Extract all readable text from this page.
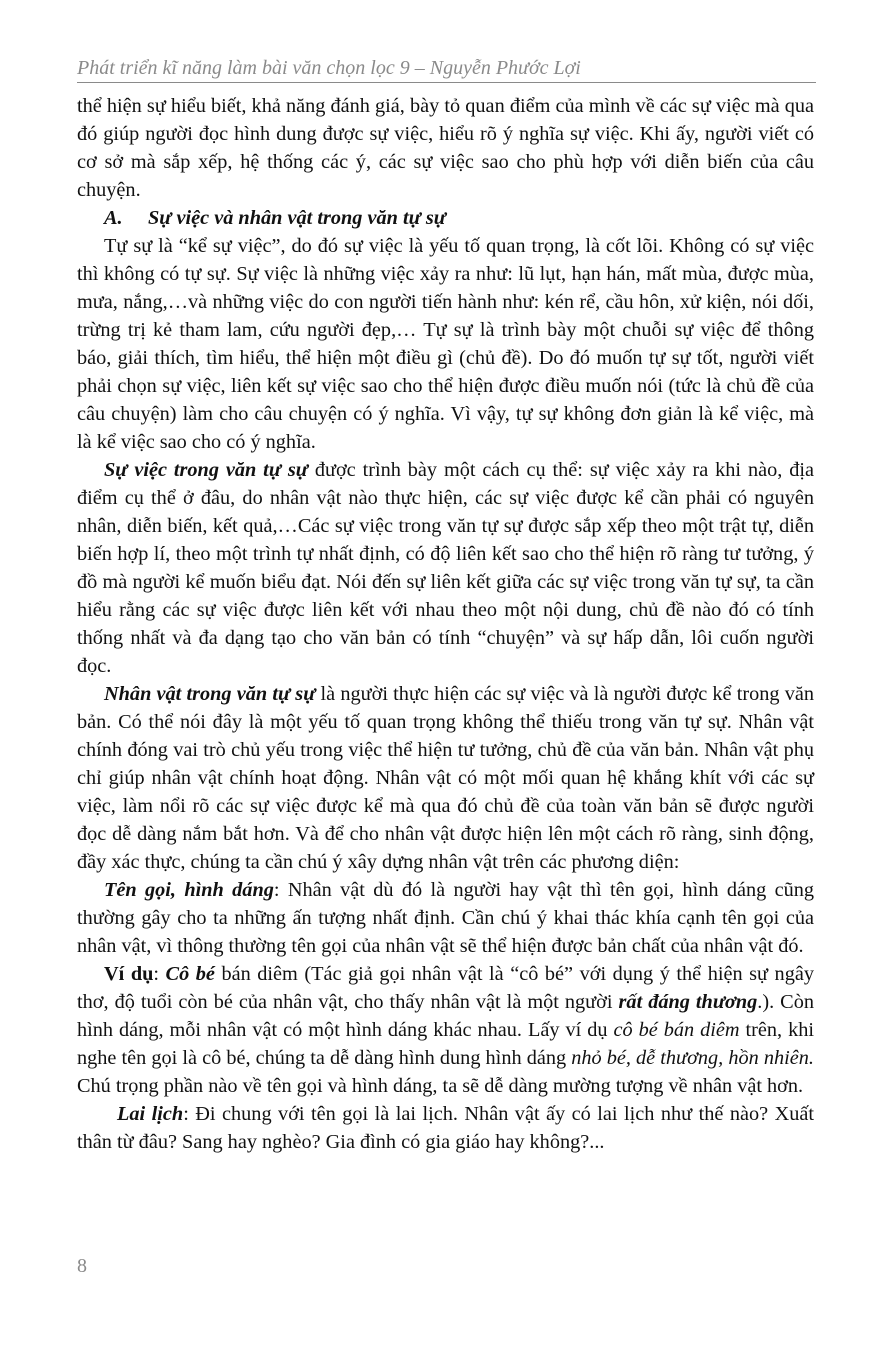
Phát triển kĩ năng làm bài văn chọn lọc 9 – Nguyễn Phước Lợi

thể hiện sự hiểu biết, khả năng đánh giá, bày tỏ quan điểm của mình về các sự việc mà qua đó giúp người đọc hình dung được sự việc, hiểu rõ ý nghĩa sự việc. Khi ấy, người viết có cơ sở mà sắp xếp, hệ thống các ý, các sự việc sao cho phù hợp với diễn biến của câu chuyện.

A. Sự việc và nhân vật trong văn tự sự

Tự sự là “kể sự việc”, do đó sự việc là yếu tố quan trọng, là cốt lõi. Không có sự việc thì không có tự sự. Sự việc là những việc xảy ra như: lũ lụt, hạn hán, mất mùa, được mùa, mưa, nắng,…và những việc do con người tiến hành như: kén rể, cầu hôn, xử kiện, nói dối, trừng trị kẻ tham lam, cứu người đẹp,… Tự sự là trình bày một chuỗi sự việc để thông báo, giải thích, tìm hiểu, thể hiện một điều gì (chủ đề). Do đó muốn tự sự tốt, người viết phải chọn sự việc, liên kết sự việc sao cho thể hiện được điều muốn nói (tức là chủ đề của câu chuyện) làm cho câu chuyện có ý nghĩa. Vì vậy, tự sự không đơn giản là kể việc, mà là kể việc sao cho có ý nghĩa.

Sự việc trong văn tự sự được trình bày một cách cụ thể: sự việc xảy ra khi nào, địa điểm cụ thể ở đâu, do nhân vật nào thực hiện, các sự việc được kể cần phải có nguyên nhân, diễn biến, kết quả,…Các sự việc trong văn tự sự được sắp xếp theo một trật tự, diễn biến hợp lí, theo một trình tự nhất định, có độ liên kết sao cho thể hiện rõ ràng tư tưởng, ý đồ mà người kể muốn biểu đạt. Nói đến sự liên kết giữa các sự việc trong văn tự sự, ta cần hiểu rằng các sự việc được liên kết với nhau theo một nội dung, chủ đề nào đó có tính thống nhất và đa dạng tạo cho văn bản có tính “chuyện” và sự hấp dẫn, lôi cuốn người đọc.

Nhân vật trong văn tự sự là người thực hiện các sự việc và là người được kể trong văn bản. Có thể nói đây là một yếu tố quan trọng không thể thiếu trong văn tự sự. Nhân vật chính đóng vai trò chủ yếu trong việc thể hiện tư tưởng, chủ đề của văn bản. Nhân vật phụ chỉ giúp nhân vật chính hoạt động. Nhân vật có một mối quan hệ khắng khít với các sự việc, làm nổi rõ các sự việc được kể mà qua đó chủ đề của toàn văn bản sẽ được người đọc dễ dàng nắm bắt hơn. Và để cho nhân vật được hiện lên một cách rõ ràng, sinh động, đầy xác thực, chúng ta cần chú ý xây dựng nhân vật trên các phương diện:

Tên gọi, hình dáng: Nhân vật dù đó là người hay vật thì tên gọi, hình dáng cũng thường gây cho ta những ấn tượng nhất định. Cần chú ý khai thác khía cạnh tên gọi của nhân vật, vì thông thường tên gọi của nhân vật sẽ thể hiện được bản chất của nhân vật đó.

Ví dụ: Cô bé bán diêm (Tác giả gọi nhân vật là “cô bé” với dụng ý thể hiện sự ngây thơ, độ tuổi còn bé của nhân vật, cho thấy nhân vật là một người rất đáng thương.). Còn hình dáng, mỗi nhân vật có một hình dáng khác nhau. Lấy ví dụ cô bé bán diêm trên, khi nghe tên gọi là cô bé, chúng ta dễ dàng hình dung hình dáng nhỏ bé, dễ thương, hồn nhiên. Chú trọng phần nào về tên gọi và hình dáng, ta sẽ dễ dàng mường tượng về nhân vật hơn.

Lai lịch: Đi chung với tên gọi là lai lịch. Nhân vật ấy có lai lịch như thế nào? Xuất thân từ đâu? Sang hay nghèo? Gia đình có gia giáo hay không?...

8
